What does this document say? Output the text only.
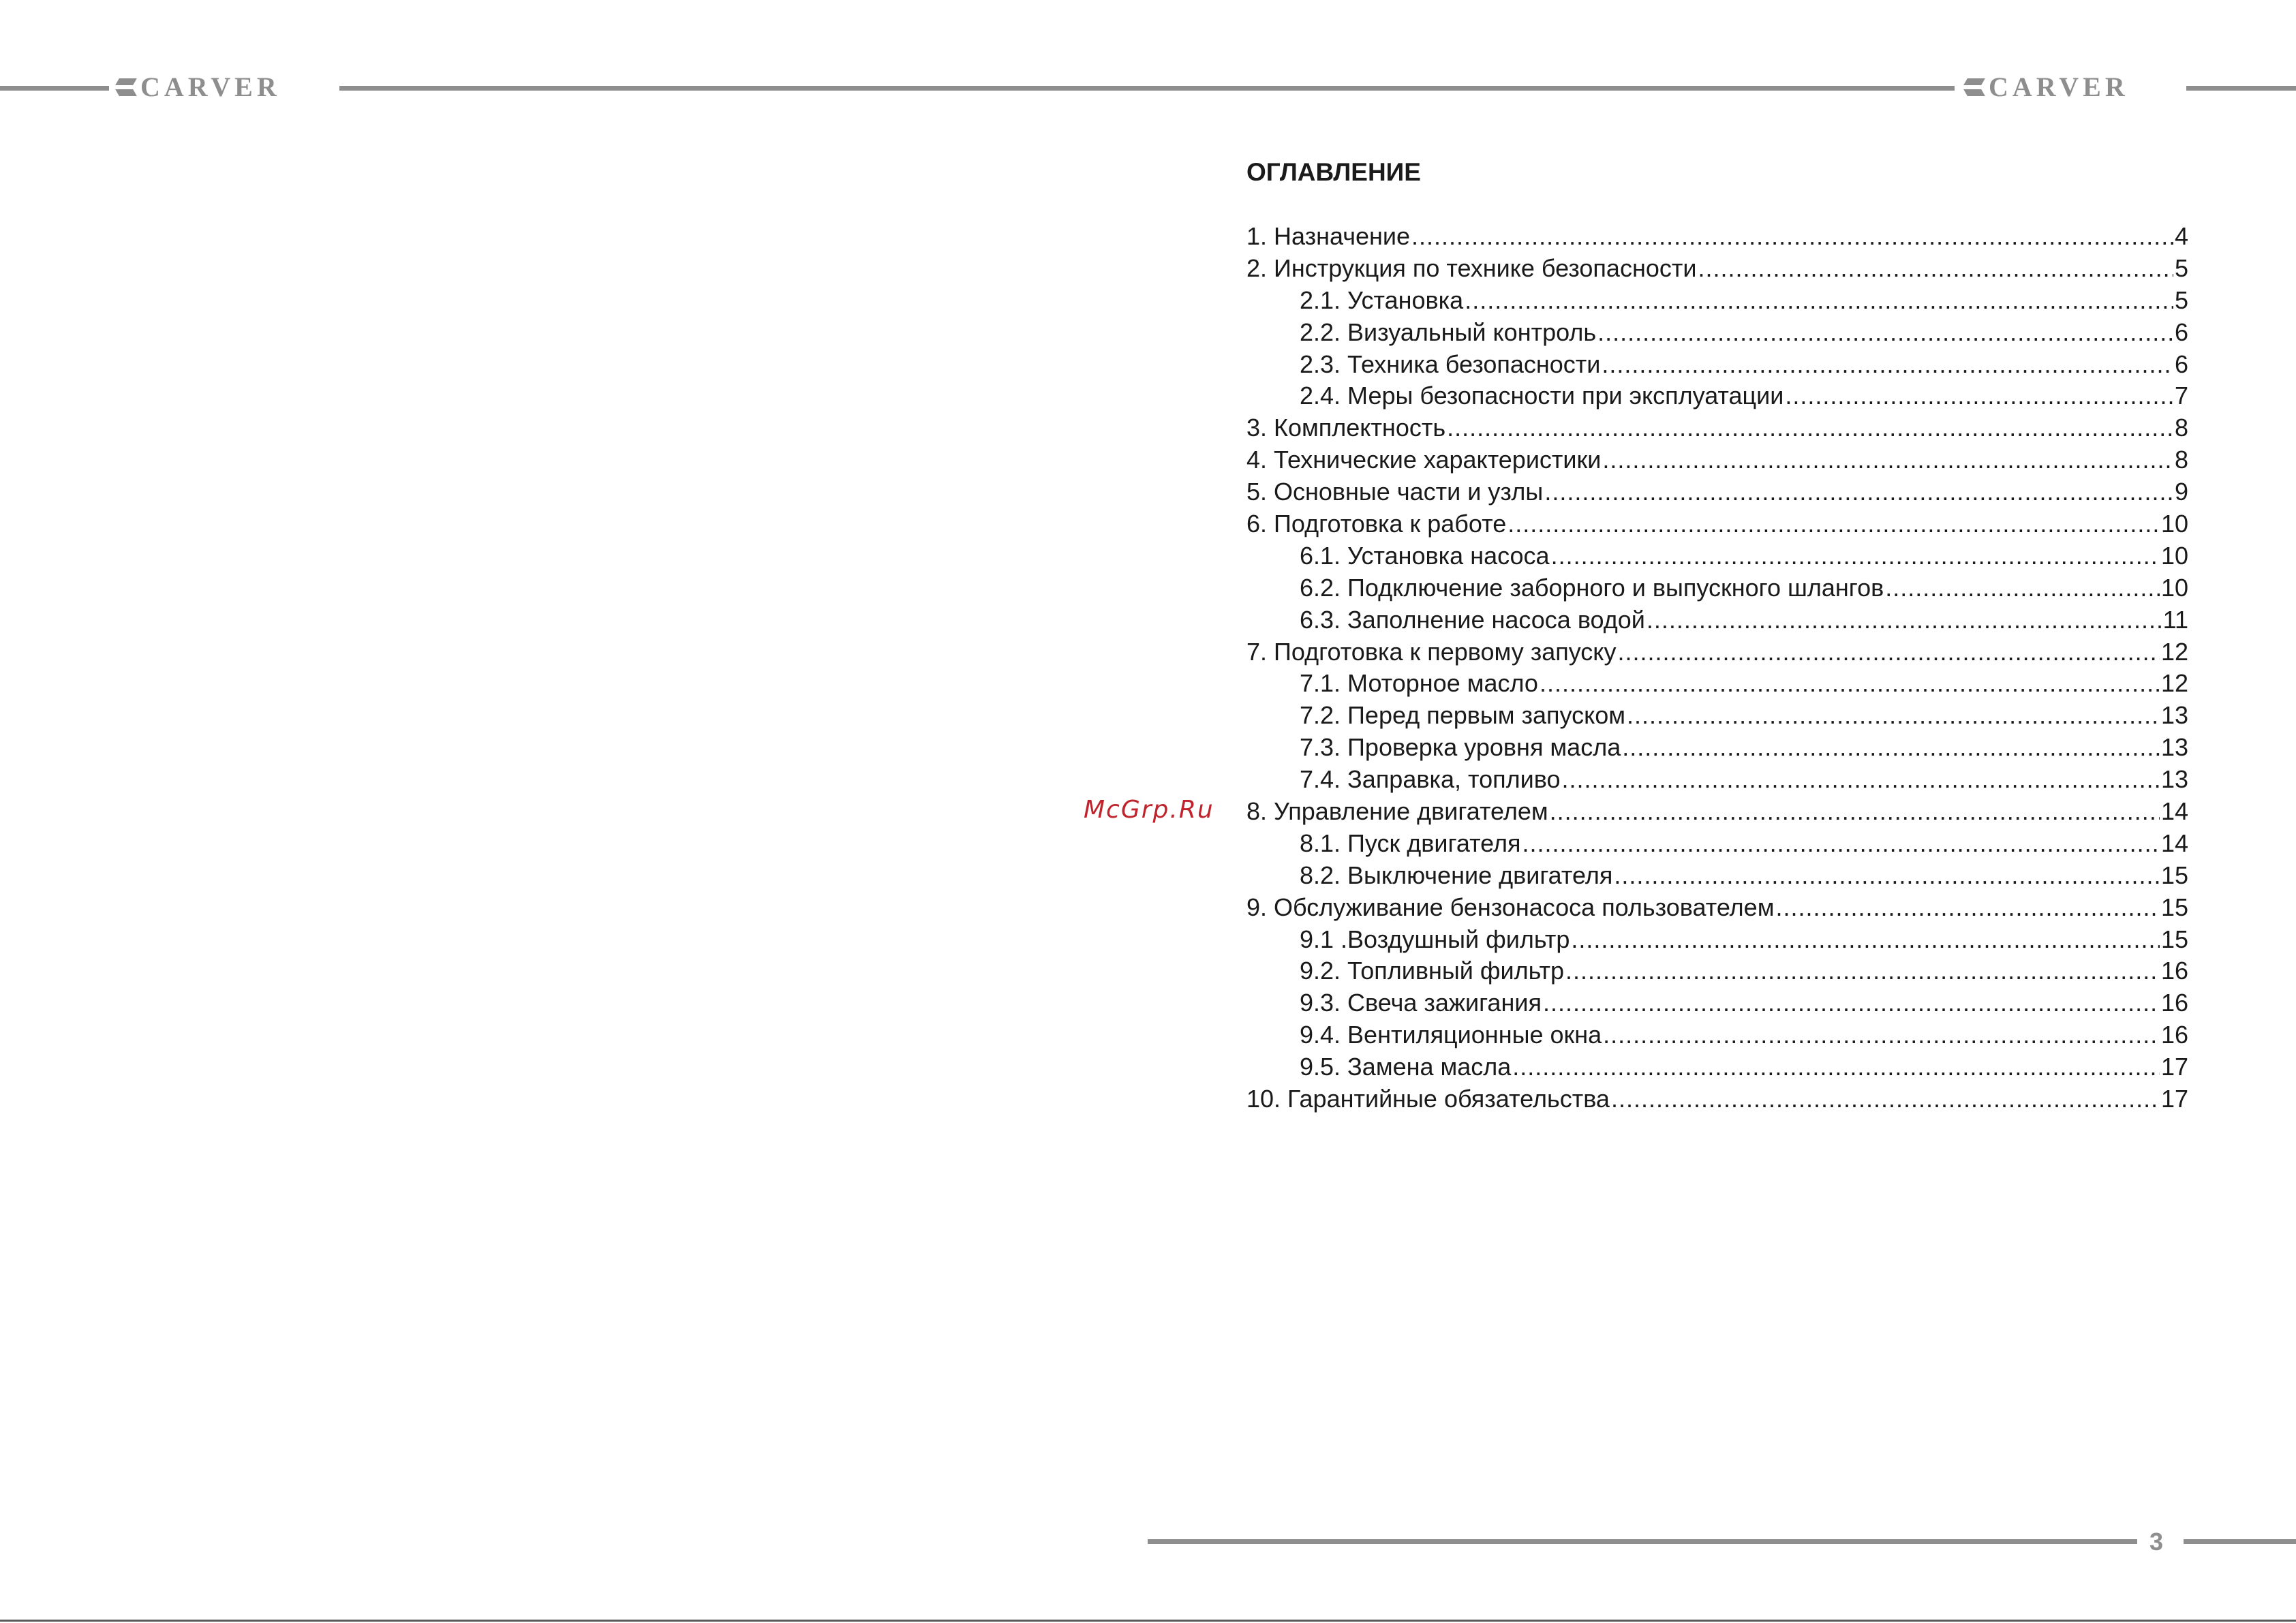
CARVER	CARVER
McGrp.Ru
ОГЛАВЛЕНИЕ
1. Назначение .....	4
2. Инструкция по технике безопасности .....	5
2.1. Установка .....	5
2.2. Визуальный контроль .....	6
2.3. Техника безопасности .....	6
2.4. Меры безопасности при эксплуатации .....	7
3. Комплектность .....	8
4. Технические характеристики .....	8
5. Основные части и узлы .....	9
6. Подготовка к работе .....	10
6.1. Установка насоса .....	10
6.2. Подключение заборного и выпускного шлангов .....	10
6.3. Заполнение насоса водой .....	11
7. Подготовка к первому запуску .....	12
7.1. Моторное масло .....	12
7.2. Перед первым запуском .....	13
7.3. Проверка уровня масла .....	13
7.4. Заправка, топливо .....	13
8. Управление двигателем .....	14
8.1. Пуск двигателя .....	14
8.2. Выключение двигателя .....	15
9. Обслуживание бензонасоса пользователем .....	15
9.1 .Воздушный фильтр .....	15
9.2. Топливный фильтр .....	16
9.3. Свеча зажигания .....	16
9.4. Вентиляционные окна .....	16
9.5. Замена масла .....	17
10. Гарантийные обязательства .....	17
3
